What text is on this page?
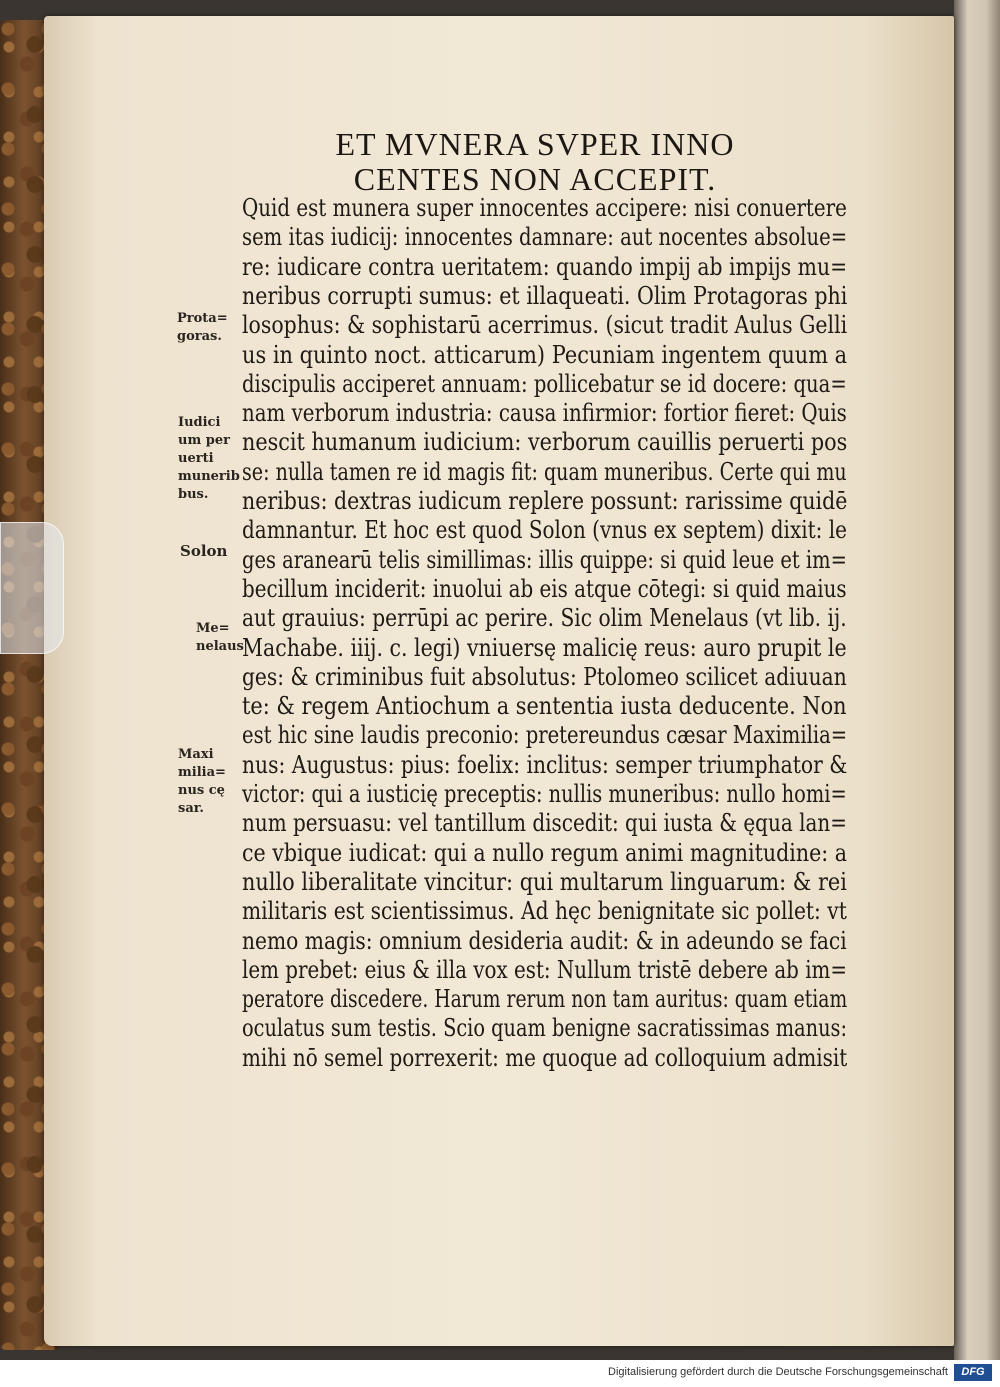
ET MVNERA SVPER INNO
CENTES NON ACCEPIT.
Quid est munera super innocentes accipere: nisi conuertere
sem itas iudicij: innocentes damnare: aut nocentes absolue=
re: iudicare contra ueritatem: quando impij ab impijs mu=
neribus corrupti sumus: et illaqueati. Olim Protagoras phi
losophus: & sophistarū acerrimus. (sicut tradit Aulus Gelli
us in quinto noct. atticarum) Pecuniam ingentem quum a
discipulis acciperet annuam: pollicebatur se id docere: qua=
nam verborum industria: causa infirmior: fortior fieret: Quis
nescit humanum iudicium: verborum cauillis peruerti pos
se: nulla tamen re id magis fit: quam muneribus. Certe qui mu
neribus: dextras iudicum replere possunt: rarissime quidē
damnantur. Et hoc est quod Solon (vnus ex septem) dixit: le
ges aranearū telis simillimas: illis quippe: si quid leue et im=
becillum inciderit: inuolui ab eis atque cōtegi: si quid maius
aut grauius: perrūpi ac perire. Sic olim Menelaus (vt lib. ij.
Machabe. iiij. c. legi) vniuersę malicię reus: auro prupit le
ges: & criminibus fuit absolutus: Ptolomeo scilicet adiuuan
te: & regem Antiochum a sententia iusta deducente. Non
est hic sine laudis preconio: pretereundus cæsar Maximilia=
nus: Augustus: pius: foelix: inclitus: semper triumphator &
victor: qui a iusticię preceptis: nullis muneribus: nullo homi=
num persuasu: vel tantillum discedit: qui iusta & ęqua lan=
ce vbique iudicat: qui a nullo regum animi magnitudine: a
nullo liberalitate vincitur: qui multarum linguarum: & rei
militaris est scientissimus. Ad hęc benignitate sic pollet: vt
nemo magis: omnium desideria audit: & in adeundo se faci
lem prebet: eius & illa vox est: Nullum tristē debere ab im=
peratore discedere. Harum rerum non tam auritus: quam etiam
oculatus sum testis. Scio quam benigne sacratissimas manus:
mihi nō semel porrexerit: me quoque ad colloquium admisit
Prota=
goras.
Iudici
um per
uerti
munerib
bus.
Solon
Me=
nelaus
Maxi
milia=
nus cę
sar.
Digitalisierung gefördert durch die Deutsche Forschungsgemeinschaft	DFG
